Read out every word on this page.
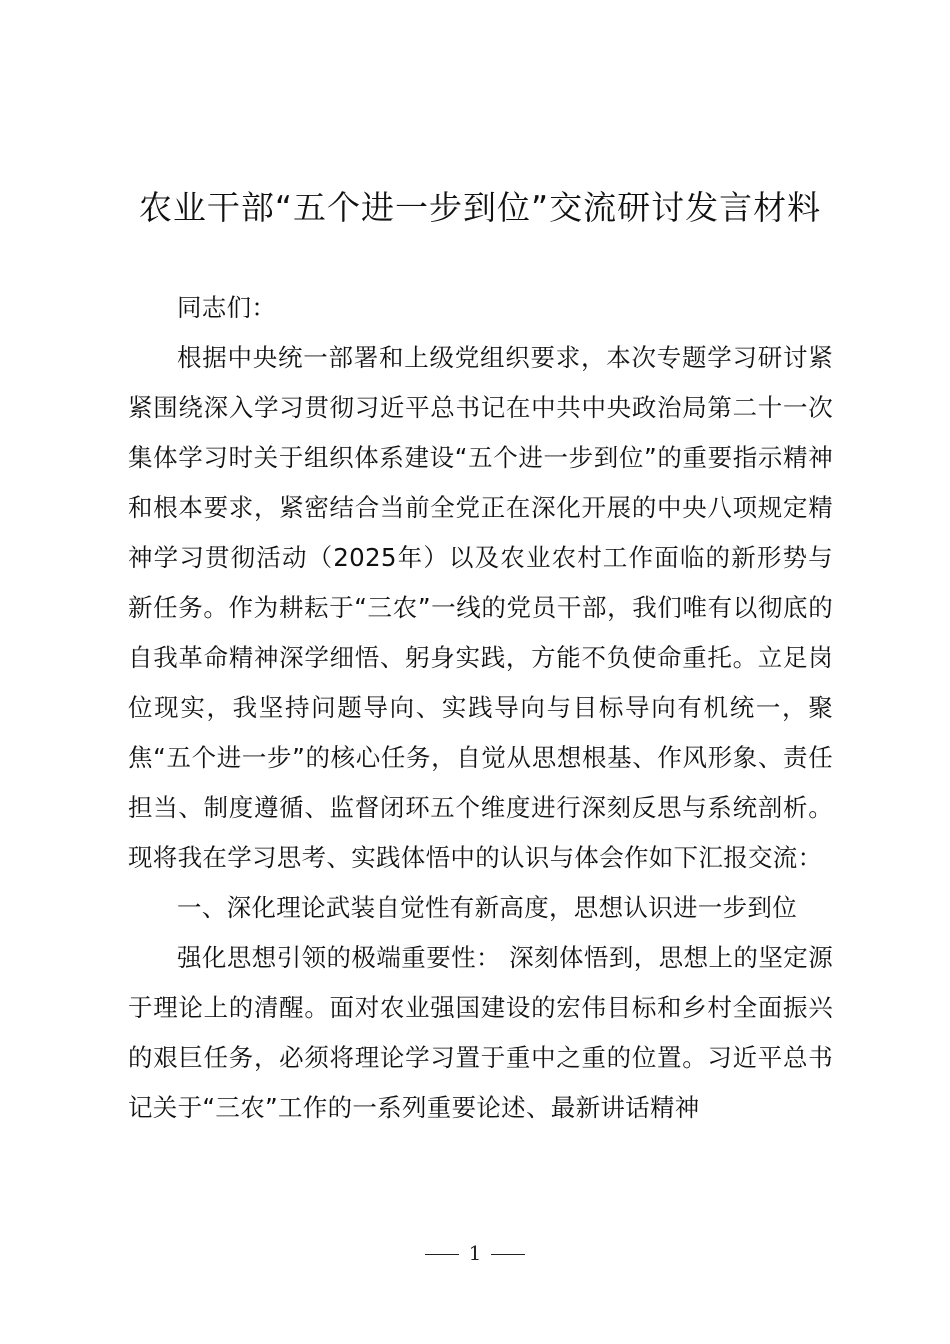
农业干部“五个进一步到位”交流研讨发言材料

同志们：

根据中央统一部署和上级党组织要求，本次专题学习研讨紧紧围绕深入学习贯彻习近平总书记在中共中央政治局第二十一次集体学习时关于组织体系建设“五个进一步到位”的重要指示精神和根本要求，紧密结合当前全党正在深化开展的中央八项规定精神学习贯彻活动（2025年）以及农业农村工作面临的新形势与新任务。作为耕耘于“三农”一线的党员干部，我们唯有以彻底的自我革命精神深学细悟、躬身实践，方能不负使命重托。立足岗位现实，我坚持问题导向、实践导向与目标导向有机统一，聚焦“五个进一步”的核心任务，自觉从思想根基、作风形象、责任担当、制度遵循、监督闭环五个维度进行深刻反思与系统剖析。现将我在学习思考、实践体悟中的认识与体会作如下汇报交流：

一、深化理论武装自觉性有新高度，思想认识进一步到位

强化思想引领的极端重要性： 深刻体悟到，思想上的坚定源于理论上的清醒。面对农业强国建设的宏伟目标和乡村全面振兴的艰巨任务，必须将理论学习置于重中之重的位置。习近平总书记关于“三农”工作的一系列重要论述、最新讲话精神

1
